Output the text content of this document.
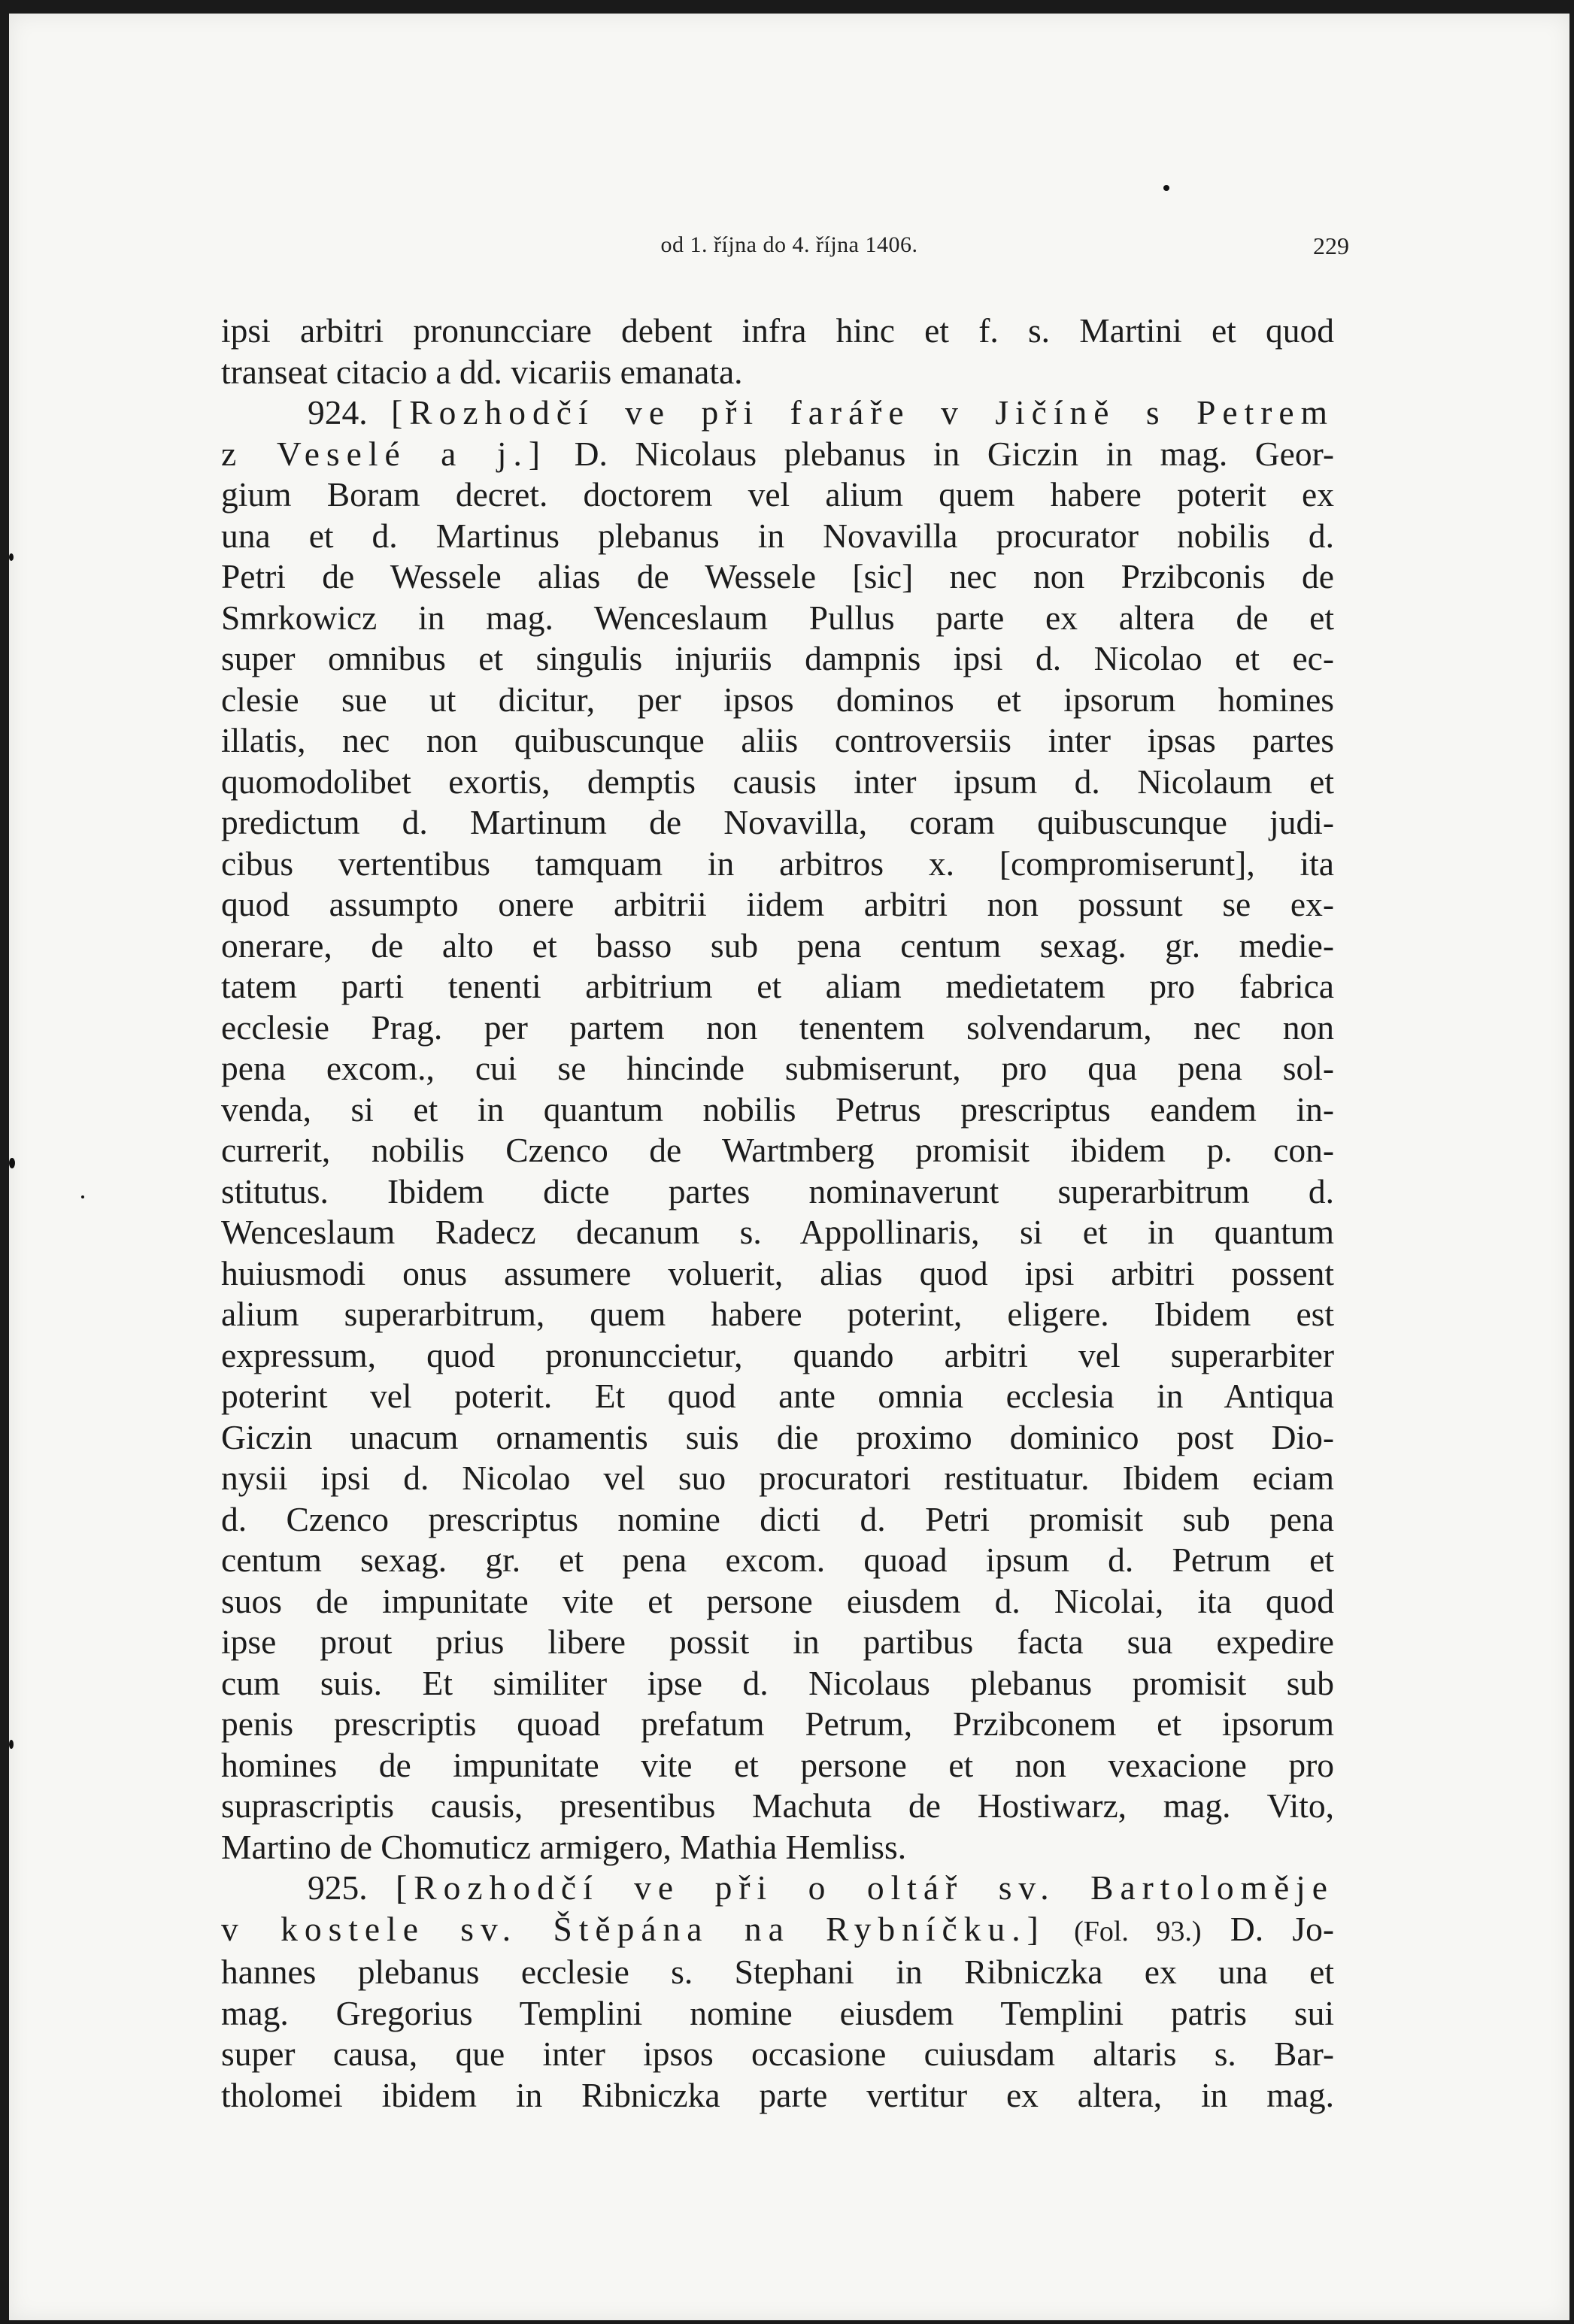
od 1. října do 4. října 1406.	229

ipsi arbitri pronuncciare debent infra hinc et f. s. Martini et quod

transeat citacio a dd. vicariis emanata.

924. [Rozhodčí ve při faráře v Jičíně s Petrem

z Veselé a j.] D. Nicolaus plebanus in Giczin in mag. Geor-

gium Boram decret. doctorem vel alium quem habere poterit ex

una et d. Martinus plebanus in Novavilla procurator nobilis d.

Petri de Wessele alias de Wessele [sic] nec non Przibconis de

Smrkowicz in mag. Wenceslaum Pullus parte ex altera de et

super omnibus et singulis injuriis dampnis ipsi d. Nicolao et ec-

clesie sue ut dicitur, per ipsos dominos et ipsorum homines

illatis, nec non quibuscunque aliis controversiis inter ipsas partes

quomodolibet exortis, demptis causis inter ipsum d. Nicolaum et

predictum d. Martinum de Novavilla, coram quibuscunque judi-

cibus vertentibus tamquam in arbitros x. [compromiserunt], ita

quod assumpto onere arbitrii iidem arbitri non possunt se ex-

onerare, de alto et basso sub pena centum sexag. gr. medie-

tatem parti tenenti arbitrium et aliam medietatem pro fabrica

ecclesie Prag. per partem non tenentem solvendarum, nec non

pena excom., cui se hincinde submiserunt, pro qua pena sol-

venda, si et in quantum nobilis Petrus prescriptus eandem in-

currerit, nobilis Czenco de Wartmberg promisit ibidem p. con-

stitutus. Ibidem dicte partes nominaverunt superarbitrum d.

Wenceslaum Radecz decanum s. Appollinaris, si et in quantum

huiusmodi onus assumere voluerit, alias quod ipsi arbitri possent

alium superarbitrum, quem habere poterint, eligere. Ibidem est

expressum, quod pronunccietur, quando arbitri vel superarbiter

poterint vel poterit. Et quod ante omnia ecclesia in Antiqua

Giczin unacum ornamentis suis die proximo dominico post Dio-

nysii ipsi d. Nicolao vel suo procuratori restituatur. Ibidem eciam

d. Czenco prescriptus nomine dicti d. Petri promisit sub pena

centum sexag. gr. et pena excom. quoad ipsum d. Petrum et

suos de impunitate vite et persone eiusdem d. Nicolai, ita quod

ipse prout prius libere possit in partibus facta sua expedire

cum suis. Et similiter ipse d. Nicolaus plebanus promisit sub

penis prescriptis quoad prefatum Petrum, Przibconem et ipsorum

homines de impunitate vite et persone et non vexacione pro

suprascriptis causis, presentibus Machuta de Hostiwarz, mag. Vito,

Martino de Chomuticz armigero, Mathia Hemliss.

925. [Rozhodčí ve při o oltář sv. Bartoloměje

v kostele sv. Štěpána na Rybníčku.] (Fol. 93.) D. Jo-

hannes plebanus ecclesie s. Stephani in Ribniczka ex una et

mag. Gregorius Templini nomine eiusdem Templini patris sui

super causa, que inter ipsos occasione cuiusdam altaris s. Bar-

tholomei ibidem in Ribniczka parte vertitur ex altera, in mag.
